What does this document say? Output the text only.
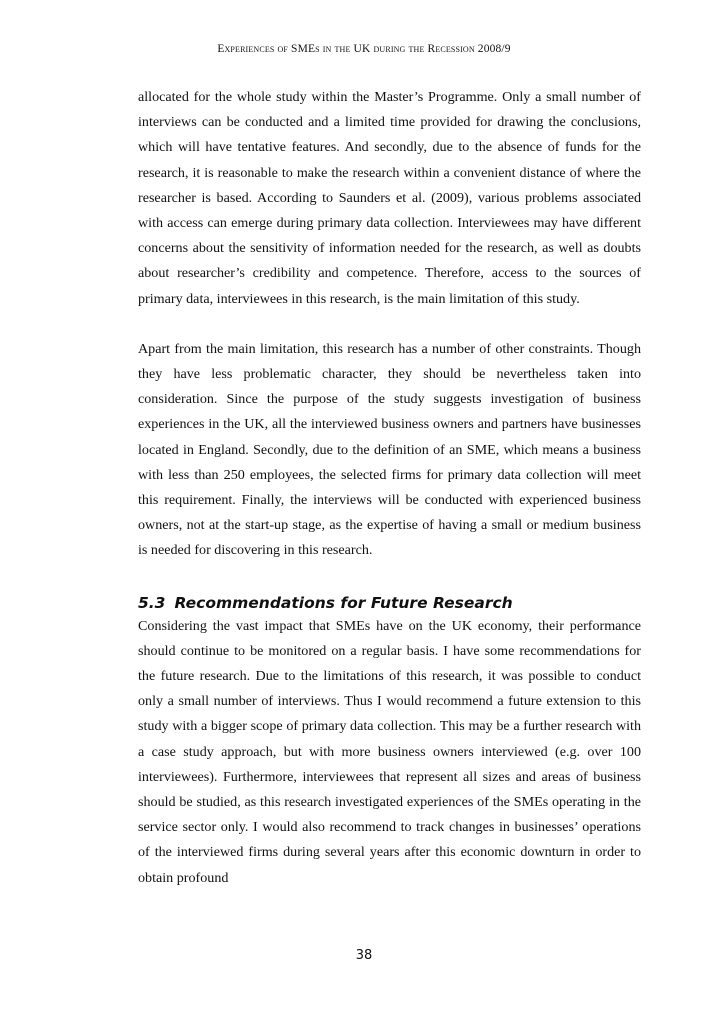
Experiences of SMEs in the UK during the Recession 2008/9

allocated for the whole study within the Master’s Programme. Only a small number of interviews can be conducted and a limited time provided for drawing the conclusions, which will have tentative features. And secondly, due to the absence of funds for the research, it is reasonable to make the research within a convenient distance of where the researcher is based. According to Saunders et al. (2009), various problems associated with access can emerge during primary data collection. Interviewees may have different concerns about the sensitivity of information needed for the research, as well as doubts about researcher’s credibility and competence. Therefore, access to the sources of primary data, interviewees in this research, is the main limitation of this study.

Apart from the main limitation, this research has a number of other constraints. Though they have less problematic character, they should be nevertheless taken into consideration. Since the purpose of the study suggests investigation of business experiences in the UK, all the interviewed business owners and partners have businesses located in England. Secondly, due to the definition of an SME, which means a business with less than 250 employees, the selected firms for primary data collection will meet this requirement. Finally, the interviews will be conducted with experienced business owners, not at the start-up stage, as the expertise of having a small or medium business is needed for discovering in this research.

5.3 Recommendations for Future Research

Considering the vast impact that SMEs have on the UK economy, their performance should continue to be monitored on a regular basis. I have some recommendations for the future research. Due to the limitations of this research, it was possible to conduct only a small number of interviews. Thus I would recommend a future extension to this study with a bigger scope of primary data collection. This may be a further research with a case study approach, but with more business owners interviewed (e.g. over 100 interviewees). Furthermore, interviewees that represent all sizes and areas of business should be studied, as this research investigated experiences of the SMEs operating in the service sector only. I would also recommend to track changes in businesses’ operations of the interviewed firms during several years after this economic downturn in order to obtain profound

38
